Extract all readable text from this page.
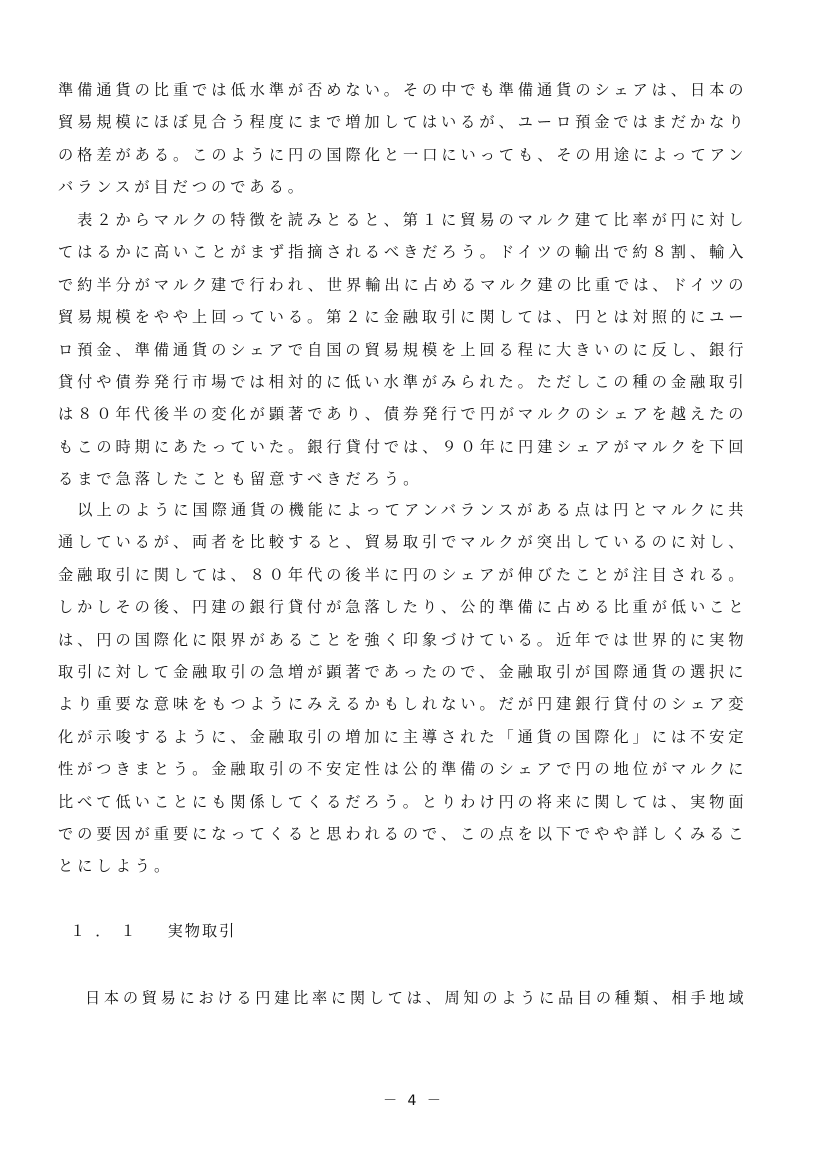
準備通貨の比重では低水準が否めない。その中でも準備通貨のシェアは、日本の
貿易規模にほぼ見合う程度にまで増加してはいるが、ユーロ預金ではまだかなり
の格差がある。このように円の国際化と一口にいっても、その用途によってアン
バランスが目だつのである。

　表２からマルクの特徴を読みとると、第１に貿易のマルク建て比率が円に対し
てはるかに高いことがまず指摘されるべきだろう。ドイツの輸出で約８割、輸入
で約半分がマルク建で行われ、世界輸出に占めるマルク建の比重では、ドイツの
貿易規模をやや上回っている。第２に金融取引に関しては、円とは対照的にユー
ロ預金、準備通貨のシェアで自国の貿易規模を上回る程に大きいのに反し、銀行
貸付や債券発行市場では相対的に低い水準がみられた。ただしこの種の金融取引
は８０年代後半の変化が顕著であり、債券発行で円がマルクのシェアを越えたの
もこの時期にあたっていた。銀行貸付では、９０年に円建シェアがマルクを下回
るまで急落したことも留意すべきだろう。

　以上のように国際通貨の機能によってアンバランスがある点は円とマルクに共
通しているが、両者を比較すると、貿易取引でマルクが突出しているのに対し、
金融取引に関しては、８０年代の後半に円のシェアが伸びたことが注目される。
しかしその後、円建の銀行貸付が急落したり、公的準備に占める比重が低いこと
は、円の国際化に限界があることを強く印象づけている。近年では世界的に実物
取引に対して金融取引の急増が顕著であったので、金融取引が国際通貨の選択に
より重要な意味をもつようにみえるかもしれない。だが円建銀行貸付のシェア変
化が示唆するように、金融取引の増加に主導された「通貨の国際化」には不安定
性がつきまとう。金融取引の不安定性は公的準備のシェアで円の地位がマルクに
比べて低いことにも関係してくるだろう。とりわけ円の将来に関しては、実物面
での要因が重要になってくると思われるので、この点を以下でやや詳しくみるこ
とにしよう。

１．１ 実物取引

日本の貿易における円建比率に関しては、周知のように品目の種類、相手地域

－ 4 －
